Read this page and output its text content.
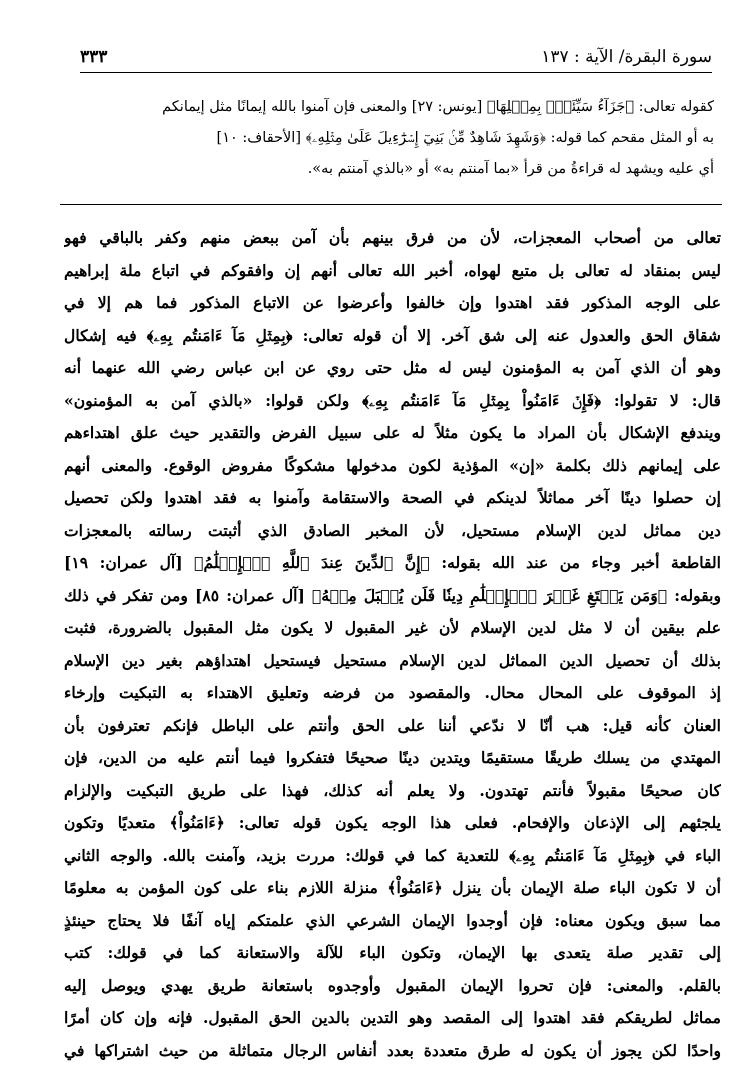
سورة البقرة/ الآية : ١٣٧
٣٣٣

كقوله تعالى: ﴿جَزَآءُ سَيِّئَةٍۭ بِمِثۡلِهَا﴾ [يونس: ٢٧] والمعنى فإن آمنوا بالله إيمانًا مثل إيمانكم

به أو المثل مقحم كما قوله: ﴿وَشَهِدَ شَاهِدٌ مِّنۢ بَنِيٓ إِسۡرَٰٓءِيلَ عَلَىٰ مِثۡلِهِۦ﴾ [الأحقاف: ١٠]

أي عليه ويشهد له قراءةُ من قرأ «بما آمنتم به» أو «بالذي آمنتم به».

تعالى من أصحاب المعجزات، لأن من فرق بينهم بأن آمن ببعض منهم وكفر بالباقي فهو

ليس بمنقاد له تعالى بل متبع لهواه، أخبر الله تعالى أنهم إن وافقوكم في اتباع ملة إبراهيم

على الوجه المذكور فقد اهتدوا وإن خالفوا وأعرضوا عن الاتباع المذكور فما هم إلا في

شقاق الحق والعدول عنه إلى شق آخر. إلا أن قوله تعالى: ﴿بِمِثۡلِ مَآ ءَامَنتُم بِهِۦ﴾ فيه إشكال

وهو أن الذي آمن به المؤمنون ليس له مثل حتى روي عن ابن عباس رضي الله عنهما أنه

قال: لا تقولوا: ﴿فَإِنۡ ءَامَنُواْ بِمِثۡلِ مَآ ءَامَنتُم بِهِۦ﴾ ولكن قولوا: «بالذي آمن به المؤمنون»

ويندفع الإشكال بأن المراد ما يكون مثلاً له على سبيل الفرض والتقدير حيث علق اهتداءهم

على إيمانهم ذلك بكلمة «إن» المؤذية لكون مدخولها مشكوكًا مفروض الوقوع. والمعنى أنهم

إن حصلوا دينًا آخر مماثلاً لدينكم في الصحة والاستقامة وآمنوا به فقد اهتدوا ولكن تحصيل

دين مماثل لدين الإسلام مستحيل، لأن المخبر الصادق الذي أثبتت رسالته بالمعجزات

القاطعة أخبر وجاء من عند الله بقوله: ﴿إِنَّ ٱلدِّينَ عِندَ ٱللَّهِ ٱلۡإِسۡلَٰمُ﴾ [آل عمران: ١٩]

وبقوله: ﴿وَمَن يَبۡتَغِ غَيۡرَ ٱلۡإِسۡلَٰمِ دِينٗا فَلَن يُقۡبَلَ مِنۡهُ﴾ [آل عمران: ٨٥] ومن تفكر في ذلك

علم بيقين أن لا مثل لدين الإسلام لأن غير المقبول لا يكون مثل المقبول بالضرورة، فثبت

بذلك أن تحصيل الدين المماثل لدين الإسلام مستحيل فيستحيل اهتداؤهم بغير دين الإسلام

إذ الموقوف على المحال محال. والمقصود من فرضه وتعليق الاهتداء به التبكيت وإرخاء

العنان كأنه قيل: هب أنّا لا ندّعي أننا على الحق وأنتم على الباطل فإنكم تعترفون بأن

المهتدي من يسلك طريقًا مستقيمًا ويتدين دينًا صحيحًا فتفكروا فيما أنتم عليه من الدين، فإن

كان صحيحًا مقبولاً فأنتم تهتدون. ولا يعلم أنه كذلك، فهذا على طريق التبكيت والإلزام

يلجئهم إلى الإذعان والإفحام. فعلى هذا الوجه يكون قوله تعالى: ﴿ءَامَنُواْ﴾ متعديًا وتكون

الباء في ﴿بِمِثۡلِ مَآ ءَامَنتُم بِهِۦ﴾ للتعدية كما في قولك: مررت بزيد، وآمنت بالله. والوجه الثاني

أن لا تكون الباء صلة الإيمان بأن ينزل ﴿ءَامَنُواْ﴾ منزلة اللازم بناء على كون المؤمن به معلومًا

مما سبق ويكون معناه: فإن أوجدوا الإيمان الشرعي الذي علمتكم إياه آنفًا فلا يحتاج حينئذٍ

إلى تقدير صلة يتعدى بها الإيمان، وتكون الباء للآلة والاستعانة كما في قولك: كتب

بالقلم. والمعنى: فإن تحروا الإيمان المقبول وأوجدوه باستعانة طريق يهدي ويوصل إليه

مماثل لطريقكم فقد اهتدوا إلى المقصد وهو التدين بالدين الحق المقبول. فإنه وإن كان أمرًا

واحدًا لكن يجوز أن يكون له طرق متعددة بعدد أنفاس الرجال متماثلة من حيث اشتراكها في
